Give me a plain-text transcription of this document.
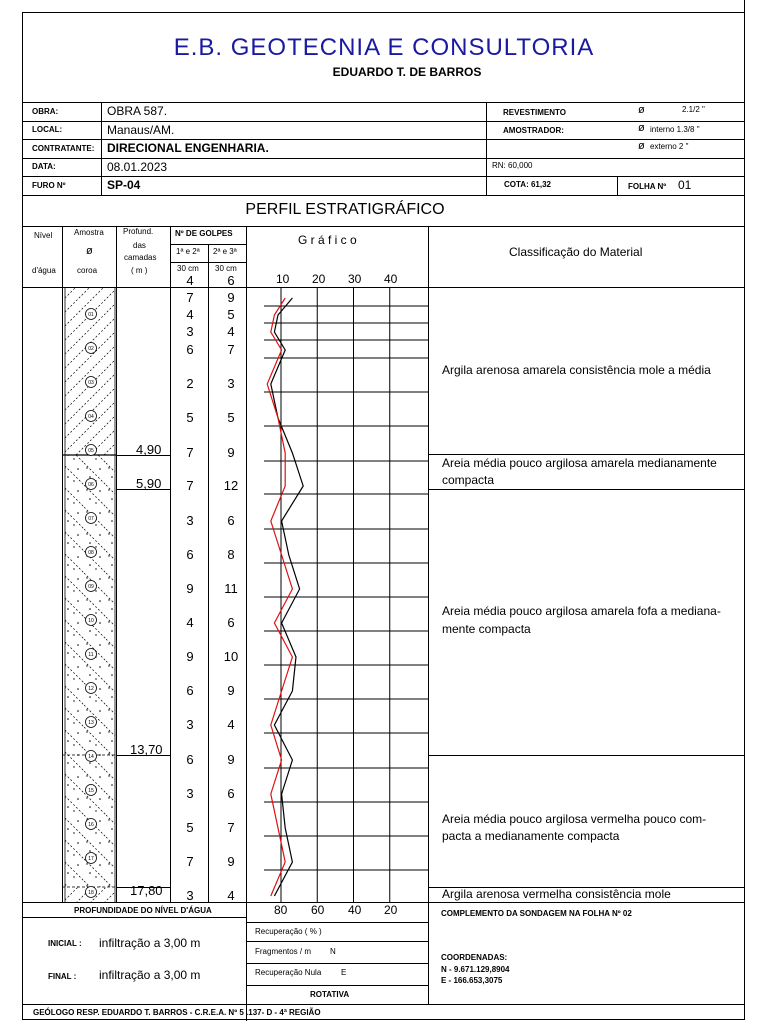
E.B. GEOTECNIA E CONSULTORIA
EDUARDO T. DE BARROS
OBRA:	OBRA 587.
LOCAL:	Manaus/AM.
CONTRATANTE: DIRECIONAL ENGENHARIA.
DATA:	08.01.2023
FURO Nº	SP-04
REVESTIMENTO	ø	2.1/2 "
AMOSTRADOR:	ø interno 1.3/8 "
ø externo 2 "
RN: 60,000
COTA: 61,32	FOLHA Nº 01
PERFIL ESTRATIGRÁFICO
Nível
d'água
Amostra
ø
coroa
Profund.
das
camadas
( m )
Nº DE GOLPES
1ª e 2ª 2ª e 3ª
30 cm 30 cm
G r á f i c o
Classificação do Material
10 20 30 40
01
02
03
04
05
06
07
08
09
10
11
12
13
14
15
16
17
18
4	6
7	9
4	5
3	4
6	7
2	3
5	5
7	9
7	12
3	6
6	8
9	11
4	6
9	10
6	9
3	4
6	9
3	6
5	7
7	9
3	4
4,90
5,90
13,70
17,80
Argila arenosa amarela consistência mole a média
Areia média pouco argilosa amarela medianamente
compacta
Areia média pouco argilosa amarela fofa a mediana-
mente compacta
Areia média pouco argilosa vermelha pouco com-
pacta a medianamente compacta
Argila arenosa vermelha consistência mole
80 60 40 20
PROFUNDIDADE DO NÍVEL D'ÁGUA
INICIAL : infiltração a 3,00 m
FINAL : infiltração a 3,00 m
Recuperação ( % )
Fragmentos / m N
Recuperação Nula E
ROTATIVA
COMPLEMENTO DA SONDAGEM NA FOLHA Nº 02
COORDENADAS:
N - 9.671.129,8904
E - 166.653,3075
GEÓLOGO RESP. EDUARDO T. BARROS - C.R.E.A. Nº 5 .137- D - 4ª REGIÃO
